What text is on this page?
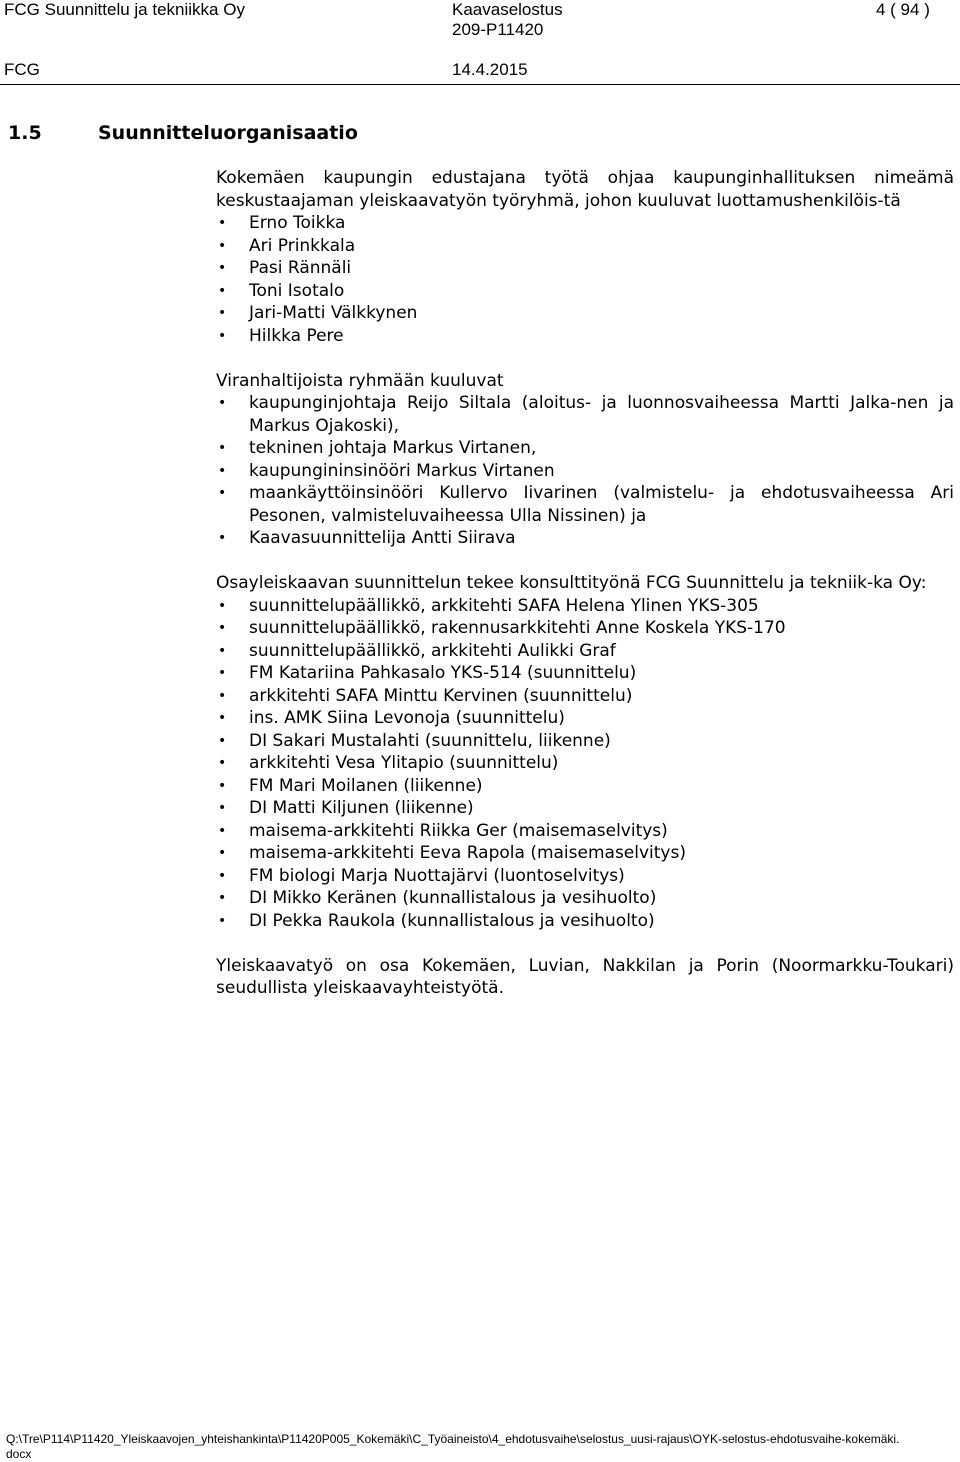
FCG Suunnittelu ja tekniikka Oy	Kaavaselostus	4 ( 94 )
209-P11420
FCG	14.4.2015
1.5	Suunnitteluorganisaatio

Kokemäen kaupungin edustajana työtä ohjaa kaupunginhallituksen nimeämä keskustaajaman yleiskaavatyön työryhmä, johon kuuluvat luottamushenkilöis-tä

• Erno Toikka
• Ari Prinkkala
• Pasi Rännäli
• Toni Isotalo
• Jari-Matti Välkkynen
• Hilkka Pere

Viranhaltijoista ryhmään kuuluvat

• kaupunginjohtaja Reijo Siltala (aloitus- ja luonnosvaiheessa Martti Jalka-nen ja Markus Ojakoski),
• tekninen johtaja Markus Virtanen,
• kaupungininsinööri Markus Virtanen
• maankäyttöinsinööri Kullervo Iivarinen (valmistelu- ja ehdotusvaiheessa Ari Pesonen, valmisteluvaiheessa Ulla Nissinen) ja
• Kaavasuunnittelija Antti Siirava

Osayleiskaavan suunnittelun tekee konsulttityönä FCG Suunnittelu ja tekniik-ka Oy:

• suunnittelupäällikkö, arkkitehti SAFA Helena Ylinen YKS-305
• suunnittelupäällikkö, rakennusarkkitehti Anne Koskela YKS-170
• suunnittelupäällikkö, arkkitehti Aulikki Graf
• FM Katariina Pahkasalo YKS-514 (suunnittelu)
• arkkitehti SAFA Minttu Kervinen (suunnittelu)
• ins. AMK Siina Levonoja (suunnittelu)
• DI Sakari Mustalahti (suunnittelu, liikenne)
• arkkitehti Vesa Ylitapio (suunnittelu)
• FM Mari Moilanen (liikenne)
• DI Matti Kiljunen (liikenne)
• maisema-arkkitehti Riikka Ger (maisemaselvitys)
• maisema-arkkitehti Eeva Rapola (maisemaselvitys)
• FM biologi Marja Nuottajärvi (luontoselvitys)
• DI Mikko Keränen (kunnallistalous ja vesihuolto)
• DI Pekka Raukola (kunnallistalous ja vesihuolto)

Yleiskaavatyö on osa Kokemäen, Luvian, Nakkilan ja Porin (Noormarkku-Toukari) seudullista yleiskaavayhteistyötä.

Q:\Tre\P114\P11420_Yleiskaavojen_yhteishankinta\P11420P005_Kokemäki\C_Työaineisto\4_ehdotusvaihe\selostus_uusi-rajaus\OYK-selostus-ehdotusvaihe-kokemäki.docx
